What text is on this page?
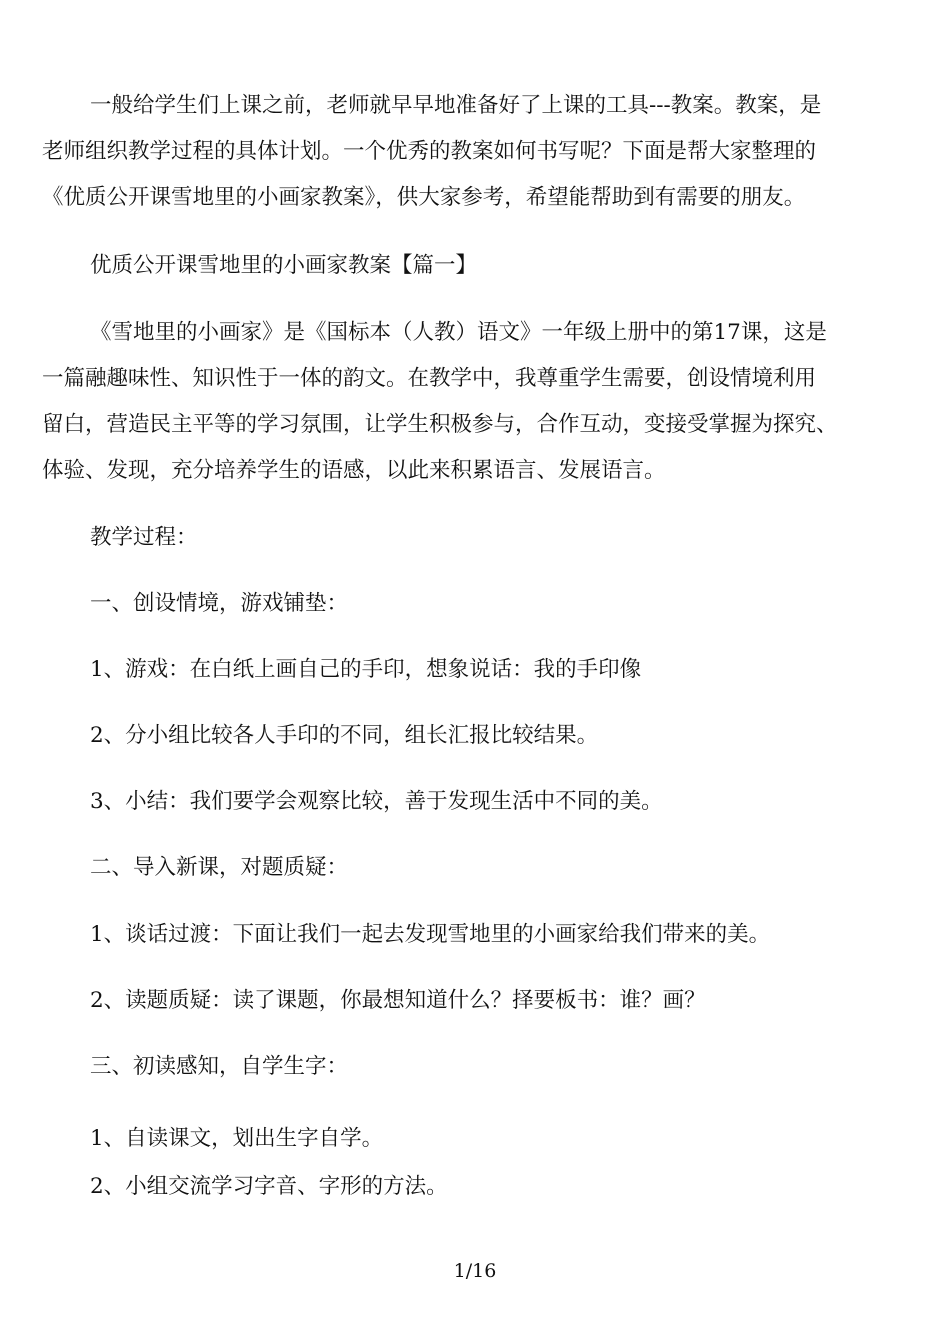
一般给学生们上课之前，老师就早早地准备好了上课的工具---教案。教案，是
老师组织教学过程的具体计划。一个优秀的教案如何书写呢？下面是帮大家整理的
《优质公开课雪地里的小画家教案》，供大家参考，希望能帮助到有需要的朋友。
优质公开课雪地里的小画家教案【篇一】
《雪地里的小画家》是《国标本（人教）语文》一年级上册中的第17课，这是
一篇融趣味性、知识性于一体的韵文。在教学中，我尊重学生需要，创设情境利用
留白，营造民主平等的学习氛围，让学生积极参与，合作互动，变接受掌握为探究、
体验、发现，充分培养学生的语感，以此来积累语言、发展语言。
教学过程：
一、创设情境，游戏铺垫：
1、游戏：在白纸上画自己的手印，想象说话：我的手印像
2、分小组比较各人手印的不同，组长汇报比较结果。
3、小结：我们要学会观察比较，善于发现生活中不同的美。
二、导入新课，对题质疑：
1、谈话过渡：下面让我们一起去发现雪地里的小画家给我们带来的美。
2、读题质疑：读了课题，你最想知道什么？择要板书：谁？画？
三、初读感知，自学生字：
1、自读课文，划出生字自学。
2、小组交流学习字音、字形的方法。
1/16
